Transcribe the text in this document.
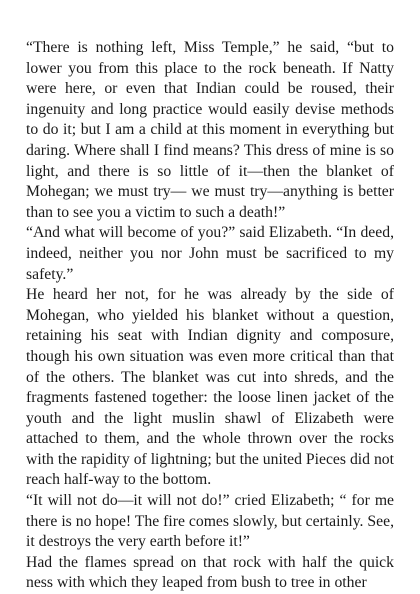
“There is nothing left, Miss Temple,” he said, “but to lower you from this place to the rock beneath. If Natty were here, or even that Indian could be roused, their ingenuity and long practice would easily devise methods to do it; but I am a child at this moment in everything but daring. Where shall I find means? This dress of mine is so light, and there is so little of it—then the blanket of Mohegan; we must try— we must try—anything is better than to see you a victim to such a death!”

“And what will become of you?” said Elizabeth. “In deed, indeed, neither you nor John must be sacrificed to my safety.”

He heard her not, for he was already by the side of Mohegan, who yielded his blanket without a question, retaining his seat with Indian dignity and composure, though his own situation was even more critical than that of the others. The blanket was cut into shreds, and the fragments fastened together: the loose linen jacket of the youth and the light muslin shawl of Elizabeth were attached to them, and the whole thrown over the rocks with the rapidity of lightning; but the united Pieces did not reach half-way to the bottom.

“It will not do—it will not do!” cried Elizabeth; “ for me there is no hope! The fire comes slowly, but certainly. See, it destroys the very earth before it!”

Had the flames spread on that rock with half the quick ness with which they leaped from bush to tree in other
